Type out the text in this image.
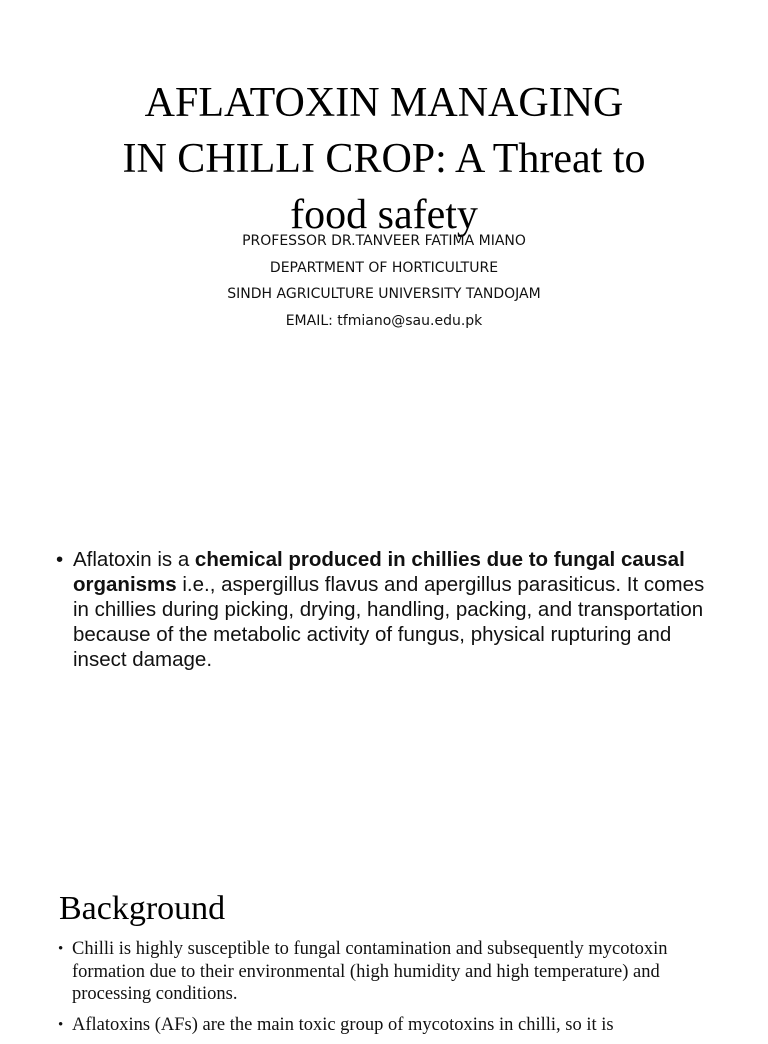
AFLATOXIN MANAGING
IN CHILLI CROP: A Threat to
food safety
PROFESSOR DR.TANVEER FATIMA MIANO
DEPARTMENT OF HORTICULTURE
SINDH AGRICULTURE UNIVERSITY TANDOJAM
EMAIL: tfmiano@sau.edu.pk
• Aflatoxin is a chemical produced in chillies due to fungal causal organisms i.e., aspergillus flavus and apergillus parasiticus. It comes in chillies during picking, drying, handling, packing, and transportation because of the metabolic activity of fungus, physical rupturing and insect damage.
Background
• Chilli is highly susceptible to fungal contamination and subsequently mycotoxin formation due to their environmental (high humidity and high temperature) and processing conditions.
• Aflatoxins (AFs) are the main toxic group of mycotoxins in chilli, so it is
